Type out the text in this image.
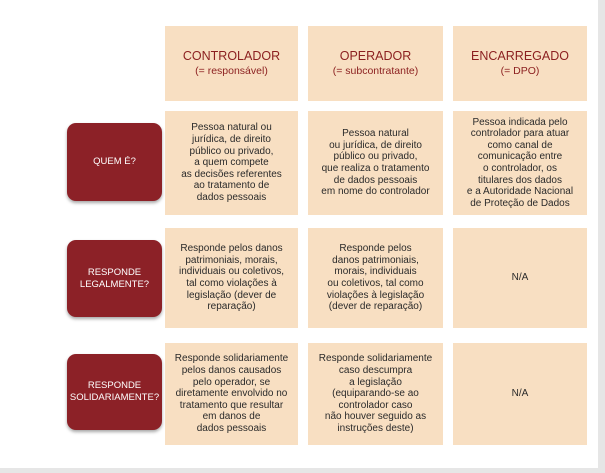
CONTROLADOR
(= responsável)
OPERADOR
(= subcontratante)
ENCARREGADO
(= DPO)
QUEM É?
Pessoa natural ou
jurídica, de direito
público ou privado,
a quem compete
as decisões referentes
ao tratamento de
dados pessoais
Pessoa natural
ou jurídica, de direito
público ou privado,
que realiza o tratamento
de dados pessoais
em nome do controlador
Pessoa indicada pelo
controlador para atuar
como canal de
comunicação entre
o controlador, os
titulares dos dados
e a Autoridade Nacional
de Proteção de Dados
RESPONDE
LEGALMENTE?
Responde pelos danos
patrimoniais, morais,
individuais ou coletivos,
tal como violações à
legislação (dever de
reparação)
Responde pelos
danos patrimoniais,
morais, individuais
ou coletivos, tal como
violações à legislação
(dever de reparação)
N/A
RESPONDE
SOLIDARIAMENTE?
Responde solidariamente
pelos danos causados
pelo operador, se
diretamente envolvido no
tratamento que resultar
em danos de
dados pessoais
Responde solidariamente
caso descumpra
a legislação
(equiparando-se ao
controlador caso
não houver seguido as
instruções deste)
N/A
